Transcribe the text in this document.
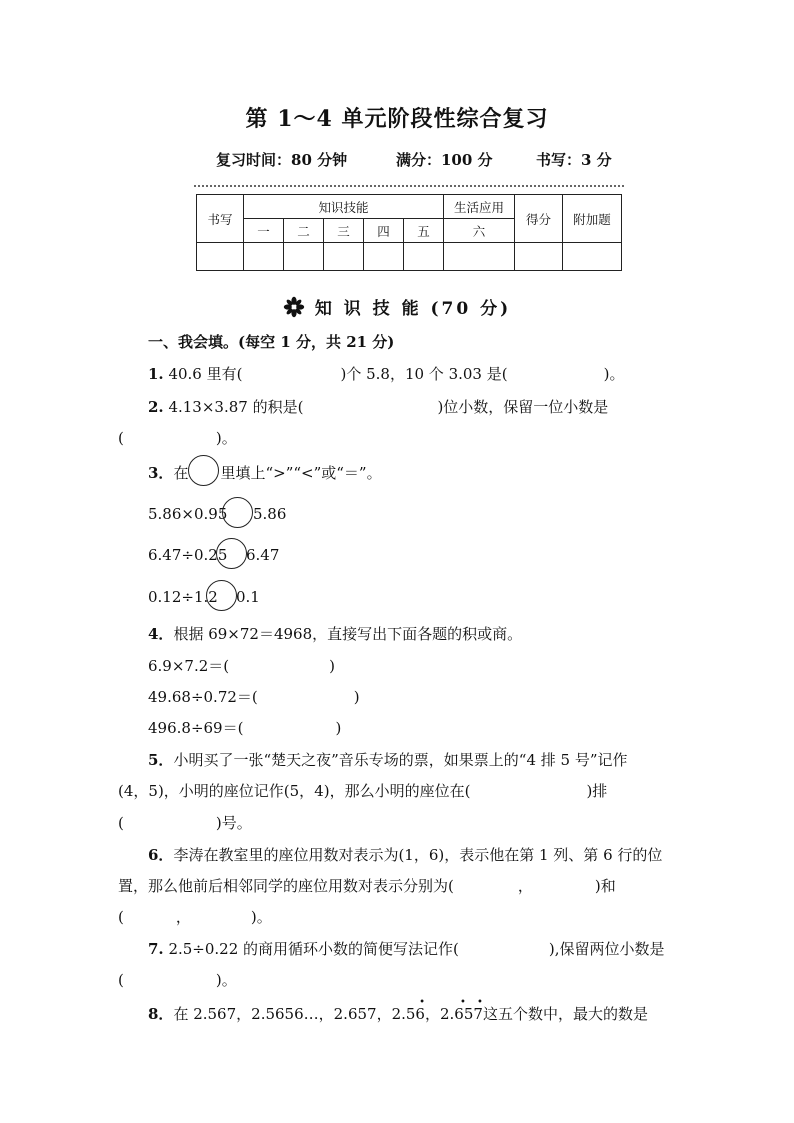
第 1～4 单元阶段性综合复习
复习时间：80 分钟	满分：100 分	书写：3 分
书写	知识技能					生活应用	得分	附加题
	一	二	三	四	五	六		

知 识 技 能 (70 分)
一、我会填。(每空 1 分，共 21 分)
1. 40.6 里有(	)个 5.8，10 个 3.03 是(	)。
2. 4.13×3.87 的积是(	)位小数，保留一位小数是
(	)。
3．在 里填上“>”“<”或“＝”。
5.86×0.95 5.86
6.47÷0.25 6.47
0.12÷1.2 0.1
4．根据 69×72＝4968，直接写出下面各题的积或商。
6.9×7.2＝(	)
49.68÷0.72＝(	)
496.8÷69＝(	)
5．小明买了一张“楚天之夜”音乐专场的票，如果票上的“4 排 5 号”记作
(4，5)，小明的座位记作(5，4)，那么小明的座位在(	)排
(	)号。
6．李涛在教室里的座位用数对表示为(1，6)，表示他在第 1 列、第 6 行的位
置，那么他前后相邻同学的座位用数对表示分别为(	，	)和
(	，	)。
7. 2.5÷0.22 的商用循环小数的简便写法记作(	),保留两位小数是
(	)。
8．在 2.567，2.5656…，2.657，2.56
•
，2.657
• •
这五个数中，最大的数是
